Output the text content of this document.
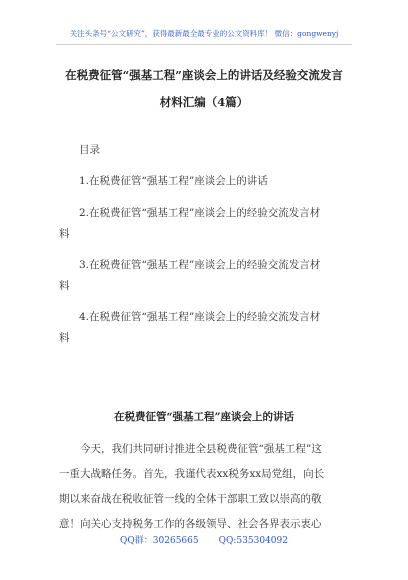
关注头条号“公文研究”，获得最新最全最专业的公文资料库！ 微信：gongwenyj
在税费征管“强基工程”座谈会上的讲话及经验交流发言
材料汇编（4篇）
目录
1.在税费征管“强基工程”座谈会上的讲话
2.在税费征管“强基工程”座谈会上的经验交流发言材
料
3.在税费征管“强基工程”座谈会上的经验交流发言材
料
4.在税费征管“强基工程”座谈会上的经验交流发言材
料
在税费征管“强基工程”座谈会上的讲话
今天，我们共同研讨推进全县税费征管“强基工程”这
一重大战略任务。首先，我谨代表xx税务xx局党组，向长
期以来奋战在税收征管一线的全体干部职工致以崇高的敬
意！向关心支持税务工作的各级领导、社会各界表示衷心
QQ群：30265665 QQ:535304092
